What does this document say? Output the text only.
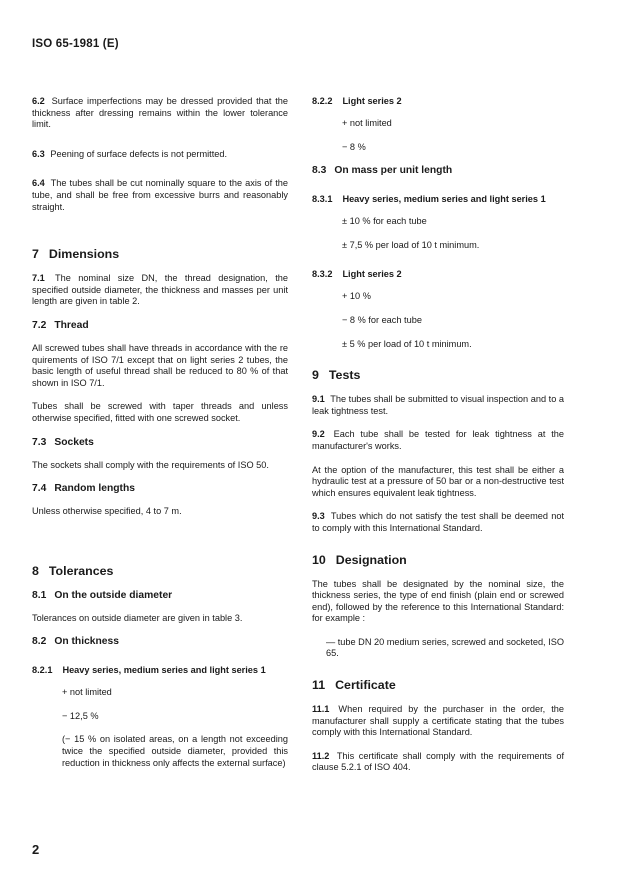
ISO 65-1981 (E)

6.2 Surface imperfections may be dressed provided that the thickness after dressing remains within the lower tolerance limit.

6.3 Peening of surface defects is not permitted.

6.4 The tubes shall be cut nominally square to the axis of the tube, and shall be free from excessive burrs and reasonably straight.

7 Dimensions

7.1 The nominal size DN, the thread designation, the specified outside diameter, the thickness and masses per unit length are given in table 2.

7.2 Thread

All screwed tubes shall have threads in accordance with the re quirements of ISO 7/1 except that on light series 2 tubes, the basic length of useful thread shall be reduced to 80 % of that shown in ISO 7/1.

Tubes shall be screwed with taper threads and unless otherwise specified, fitted with one screwed socket.

7.3 Sockets

The sockets shall comply with the requirements of ISO 50.

7.4 Random lengths

Unless otherwise specified, 4 to 7 m.

8 Tolerances
8.1 On the outside diameter

Tolerances on outside diameter are given in table 3.

8.2 On thickness
8.2.1 Heavy series, medium series and light series 1

+ not limited

− 12,5 %

(− 15 % on isolated areas, on a length not exceeding twice the specified outside diameter, provided this reduction in thickness only affects the external surface)

8.2.2 Light series 2

+ not limited

− 8 %

8.3 On mass per unit length
8.3.1 Heavy series, medium series and light series 1

± 10 % for each tube

± 7,5 % per load of 10 t minimum.

8.3.2 Light series 2

+ 10 %

− 8 % for each tube

± 5 % per load of 10 t minimum.

9 Tests

9.1 The tubes shall be submitted to visual inspection and to a leak tightness test.

9.2 Each tube shall be tested for leak tightness at the manufacturer's works.

At the option of the manufacturer, this test shall be either a hydraulic test at a pressure of 50 bar or a non-destructive test which ensures equivalent leak tightness.

9.3 Tubes which do not satisfy the test shall be deemed not to comply with this International Standard.

10 Designation

The tubes shall be designated by the nominal size, the thickness series, the type of end finish (plain end or screwed end), followed by the reference to this International Standard: for example :

— tube DN 20 medium series, screwed and socketed, ISO 65.

11 Certificate

11.1 When required by the purchaser in the order, the manufacturer shall supply a certificate stating that the tubes comply with this International Standard.

11.2 This certificate shall comply with the requirements of clause 5.2.1 of ISO 404.

2
